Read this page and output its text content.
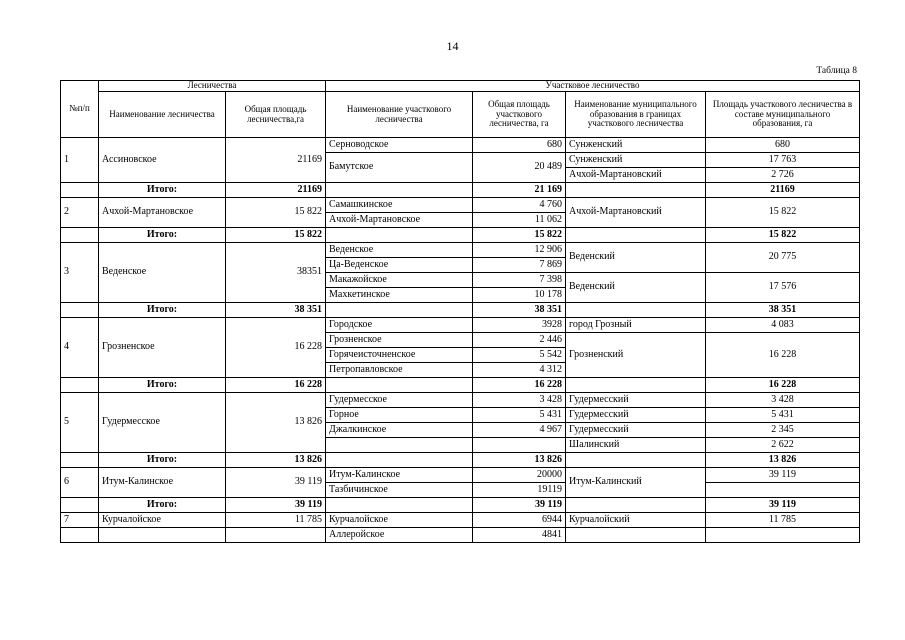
14
Таблица 8
№п/п	Лесничества		Участковое лесничество			
	Наименование лесничества	Общая площадь лесничества,га	Наименование участкового лесничества	Общая площадь участкового лесничества, га	Наименование муниципального образования в границах участкового лесничества	Площадь участкового лесничества в составе муниципального образования, га
1	Ассиновское	21169	Серноводское	680	Сунженский	680
			Бамутское	20 489	Сунженский	17 763
					Ачхой-Мартановский	2 726
	Итого:	21169		21 169		21169
2	Ачхой-Мартановское	15 822	Самашкинское	4 760	Ачхой-Мартановский	15 822
			Ачхой-Мартановское	11 062		
	Итого:	15 822		15 822		15 822
3	Веденское	38351	Веденское	12 906	Веденский	20 775
			Ца-Веденское	7 869		
			Макажойское	7 398	Веденский	17 576
			Махкетинское	10 178		
	Итого:	38 351		38 351		38 351
4	Грозненское	16 228	Городское	3928	город Грозный	4 083
			Грозненское	2 446	Грозненский	16 228
			Горячеисточненское	5 542		
			Петропавловское	4 312		
	Итого:	16 228		16 228		16 228
5	Гудермесское	13 826	Гудермесское	3 428	Гудермесский	3 428
			Горное	5 431	Гудермесский	5 431
			Джалкинское	4 967	Гудермесский	2 345
					Шалинский	2 622
	Итого:	13 826		13 826		13 826
6	Итум-Калинское	39 119	Итум-Калинское	20000	Итум-Калинский	39 119
			Тазбичинское	19119		
	Итого:	39 119		39 119		39 119
7	Курчалойское	11 785	Курчалойское	6944	Курчалойский	11 785
			Аллеройское	4841		
